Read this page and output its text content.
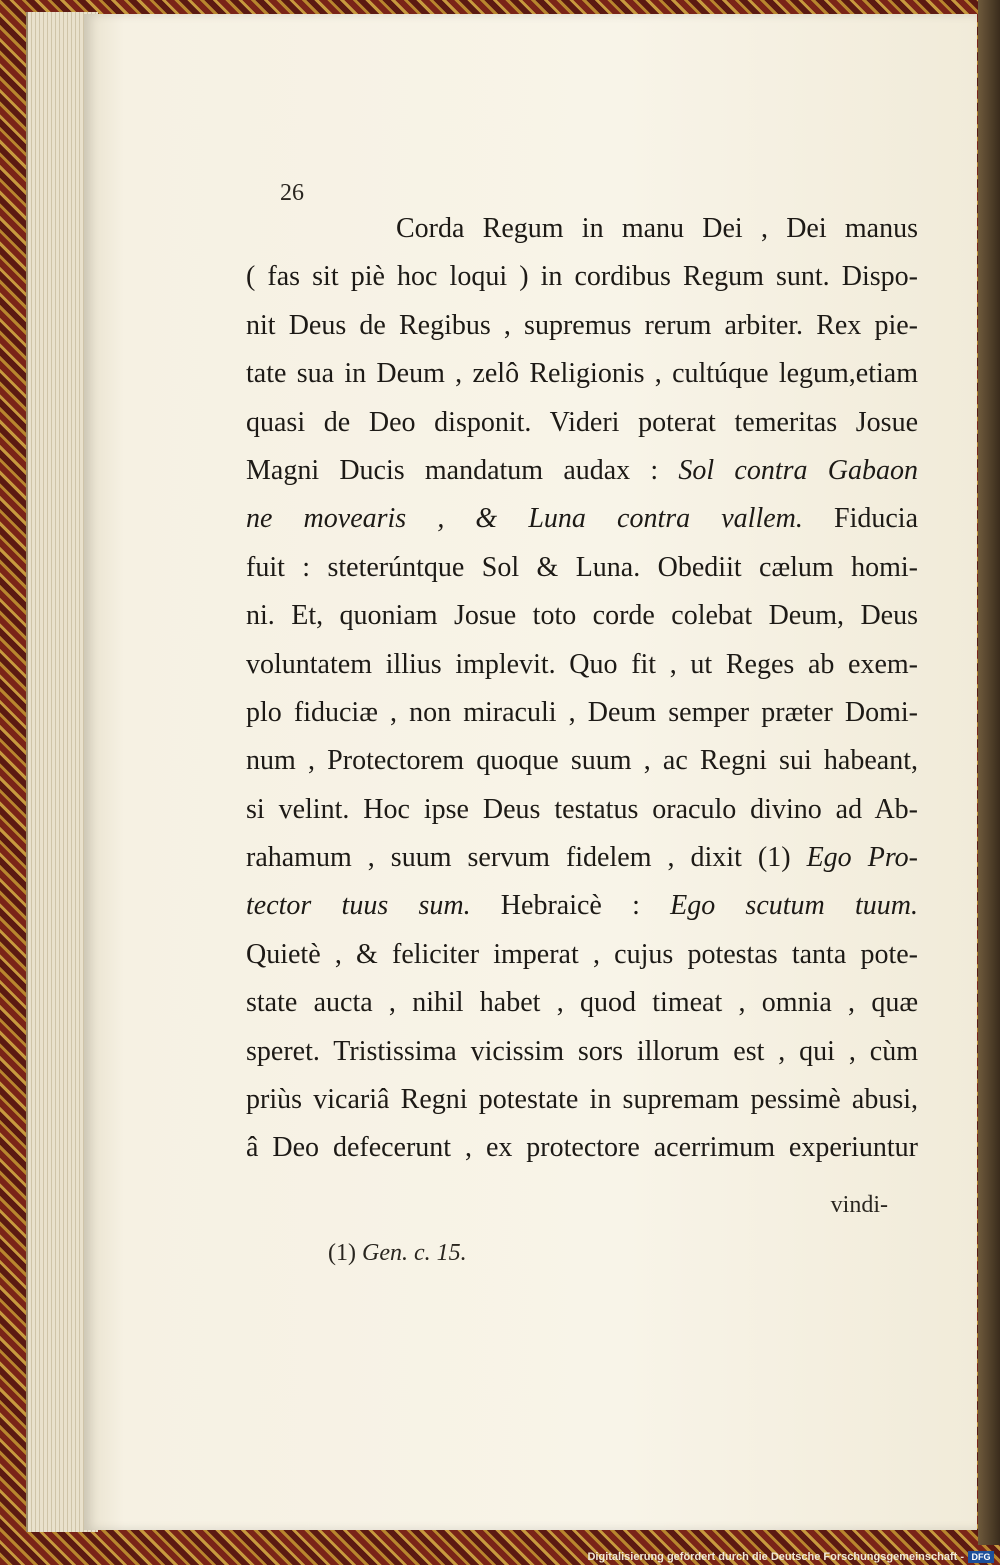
26
Corda Regum in manu Dei , Dei manus
( fas sit piè hoc loqui ) in cordibus Regum sunt. Dispo-
nit Deus de Regibus , supremus rerum arbiter. Rex pie-
tate sua in Deum , zelô Religionis , cultúque legum,etiam
quasi de Deo disponit. Videri poterat temeritas Josue
Magni Ducis mandatum audax : Sol contra Gabaon
ne movearis , & Luna contra vallem. Fiducia
fuit : steterúntque Sol & Luna. Obediit cælum homi-
ni. Et, quoniam Josue toto corde colebat Deum, Deus
voluntatem illius implevit. Quo fit , ut Reges ab exem-
plo fiduciæ , non miraculi , Deum semper præter Domi-
num , Protectorem quoque suum , ac Regni sui habeant,
si velint. Hoc ipse Deus testatus oraculo divino ad Ab-
rahamum , suum servum fidelem , dixit (1) Ego Pro-
tector tuus sum. Hebraicè : Ego scutum tuum.
Quietè , & feliciter imperat , cujus potestas tanta pote-
state aucta , nihil habet , quod timeat , omnia , quæ
speret. Tristissima vicissim sors illorum est , qui , cùm
priùs vicariâ Regni potestate in supremam pessimè abusi,
â Deo defecerunt , ex protectore acerrimum experiuntur
vindi-
(1) Gen. c. 15.
Digitalisierung gefördert durch die Deutsche Forschungsgemeinschaft - DFG
